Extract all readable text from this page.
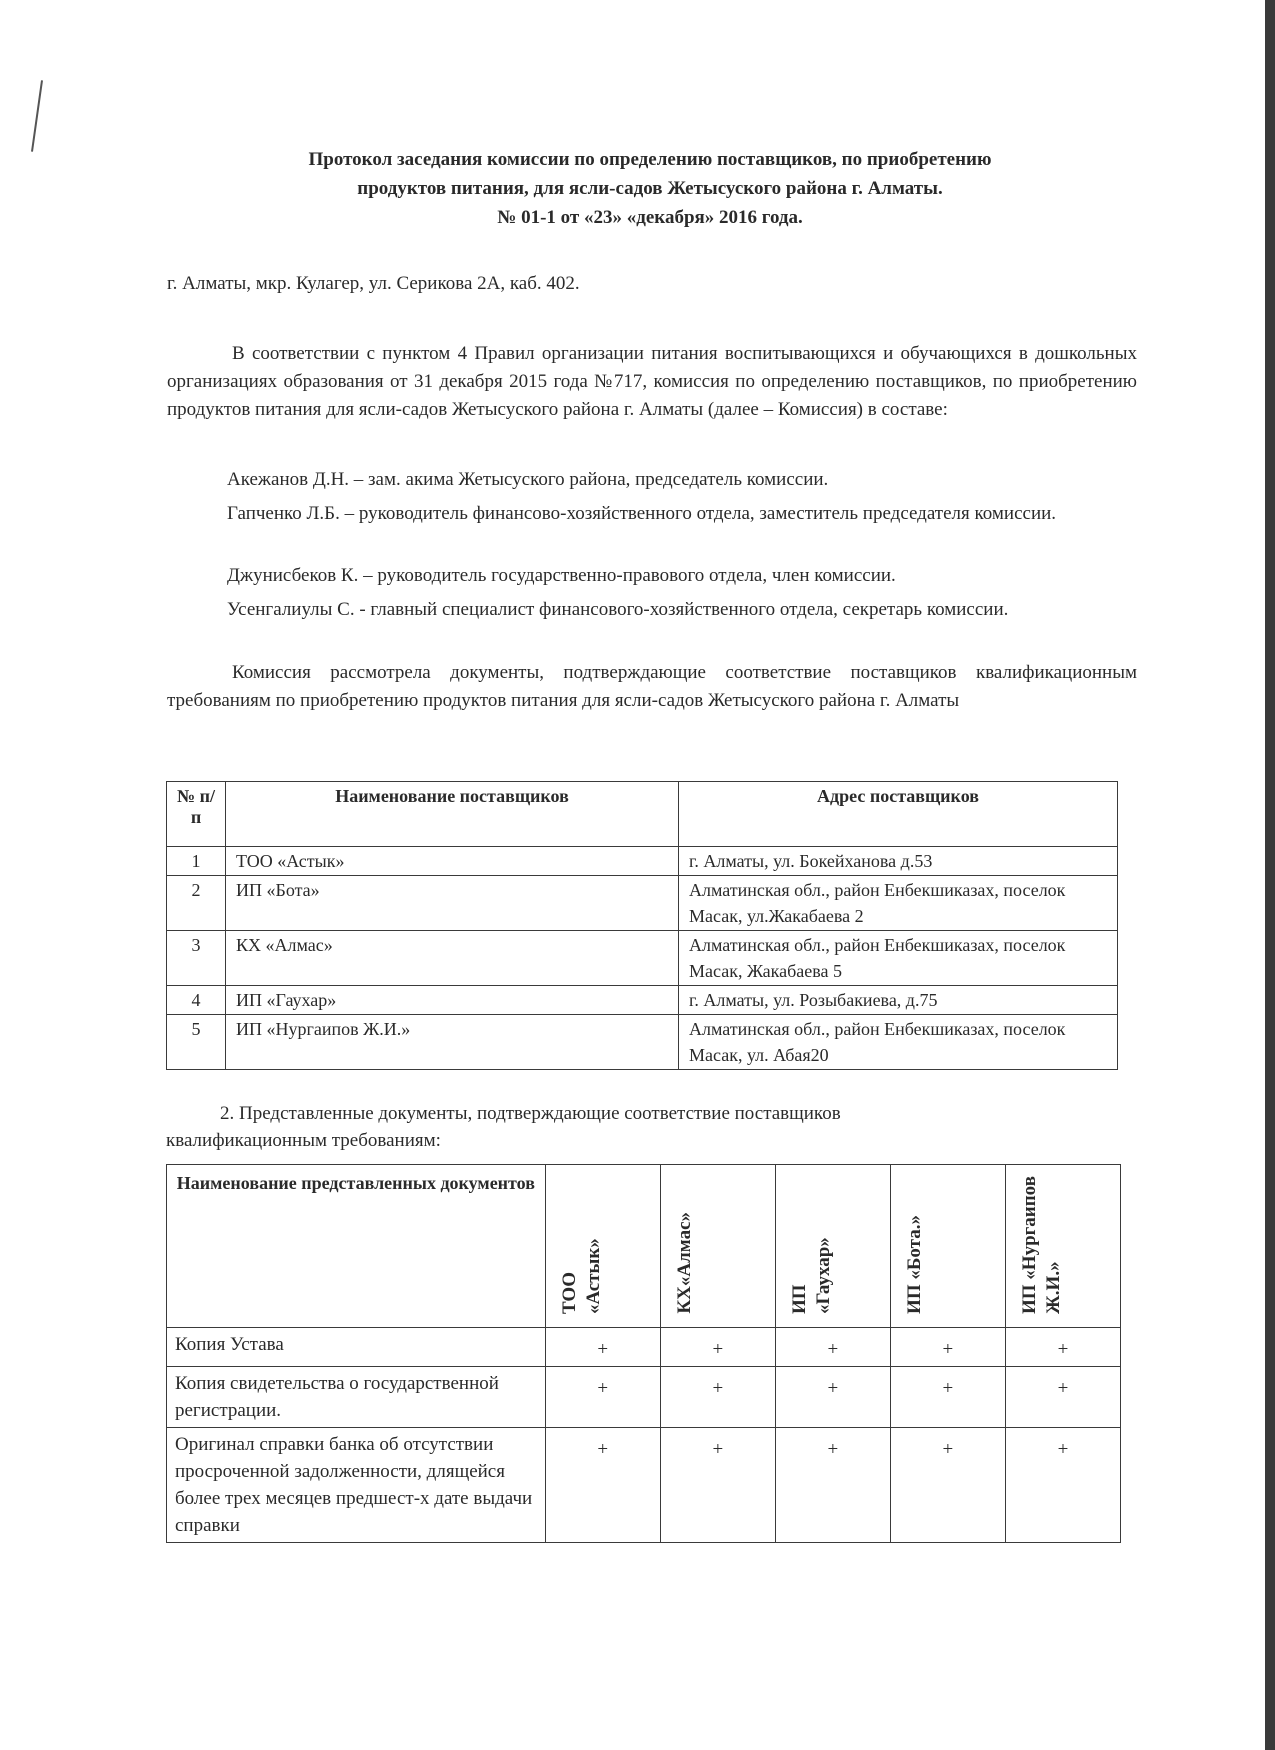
Протокол заседания комиссии по определению поставщиков, по приобретению
продуктов питания, для ясли-садов Жетысуского района г. Алматы.
№ 01-1 от «23» «декабря» 2016 года.
г. Алматы, мкр. Кулагер, ул. Серикова 2А, каб. 402.
В соответствии с пунктом 4 Правил организации питания воспитывающихся и обучающихся в дошкольных организациях образования от 31 декабря 2015 года №717, комиссия по определению поставщиков, по приобретению продуктов питания для ясли-садов Жетысуского района г. Алматы (далее – Комиссия) в составе:
Акежанов Д.Н. – зам. акима Жетысуского района, председатель комиссии.
Гапченко Л.Б. – руководитель финансово-хозяйственного отдела, заместитель председателя комиссии.
Джунисбеков К. – руководитель государственно-правового отдела, член комиссии.
Усенгалиулы С. - главный специалист финансового-хозяйственного отдела, секретарь комиссии.
Комиссия рассмотрела документы, подтверждающие соответствие поставщиков квалификационным требованиям по приобретению продуктов питания для ясли-садов Жетысуского района г. Алматы
№ п/п	Наименование поставщиков	Адрес поставщиков
1	ТОО «Астык»	г. Алматы, ул. Бокейханова д.53
2	ИП «Бота»	Алматинская обл., район Енбекшиказах, поселок Масак, ул.Жакабаева 2
3	КХ «Алмас»	Алматинская обл., район Енбекшиказах, поселок Масак, Жакабаева 5
4	ИП «Гаухар»	г. Алматы, ул. Розыбакиева, д.75
5	ИП «Нургаипов Ж.И.»	Алматинская обл., район Енбекшиказах, поселок Масак, ул. Абая20
2. Представленные документы, подтверждающие соответствие поставщиков
квалификационным требованиям:
Наименование представленных документов	ТОО «Астык»	КХ«Алмас»	ИП «Гаухар»	ИП «Бота.»	ИП «Нургаипов Ж.И.»
Копия Устава	+	+	+	+	+
Копия свидетельства о государственной регистрации.	+	+	+	+	+
Оригинал справки банка об отсутствии просроченной задолженности, длящейся более трех месяцев предшест-х дате выдачи справки	+	+	+	+	+
